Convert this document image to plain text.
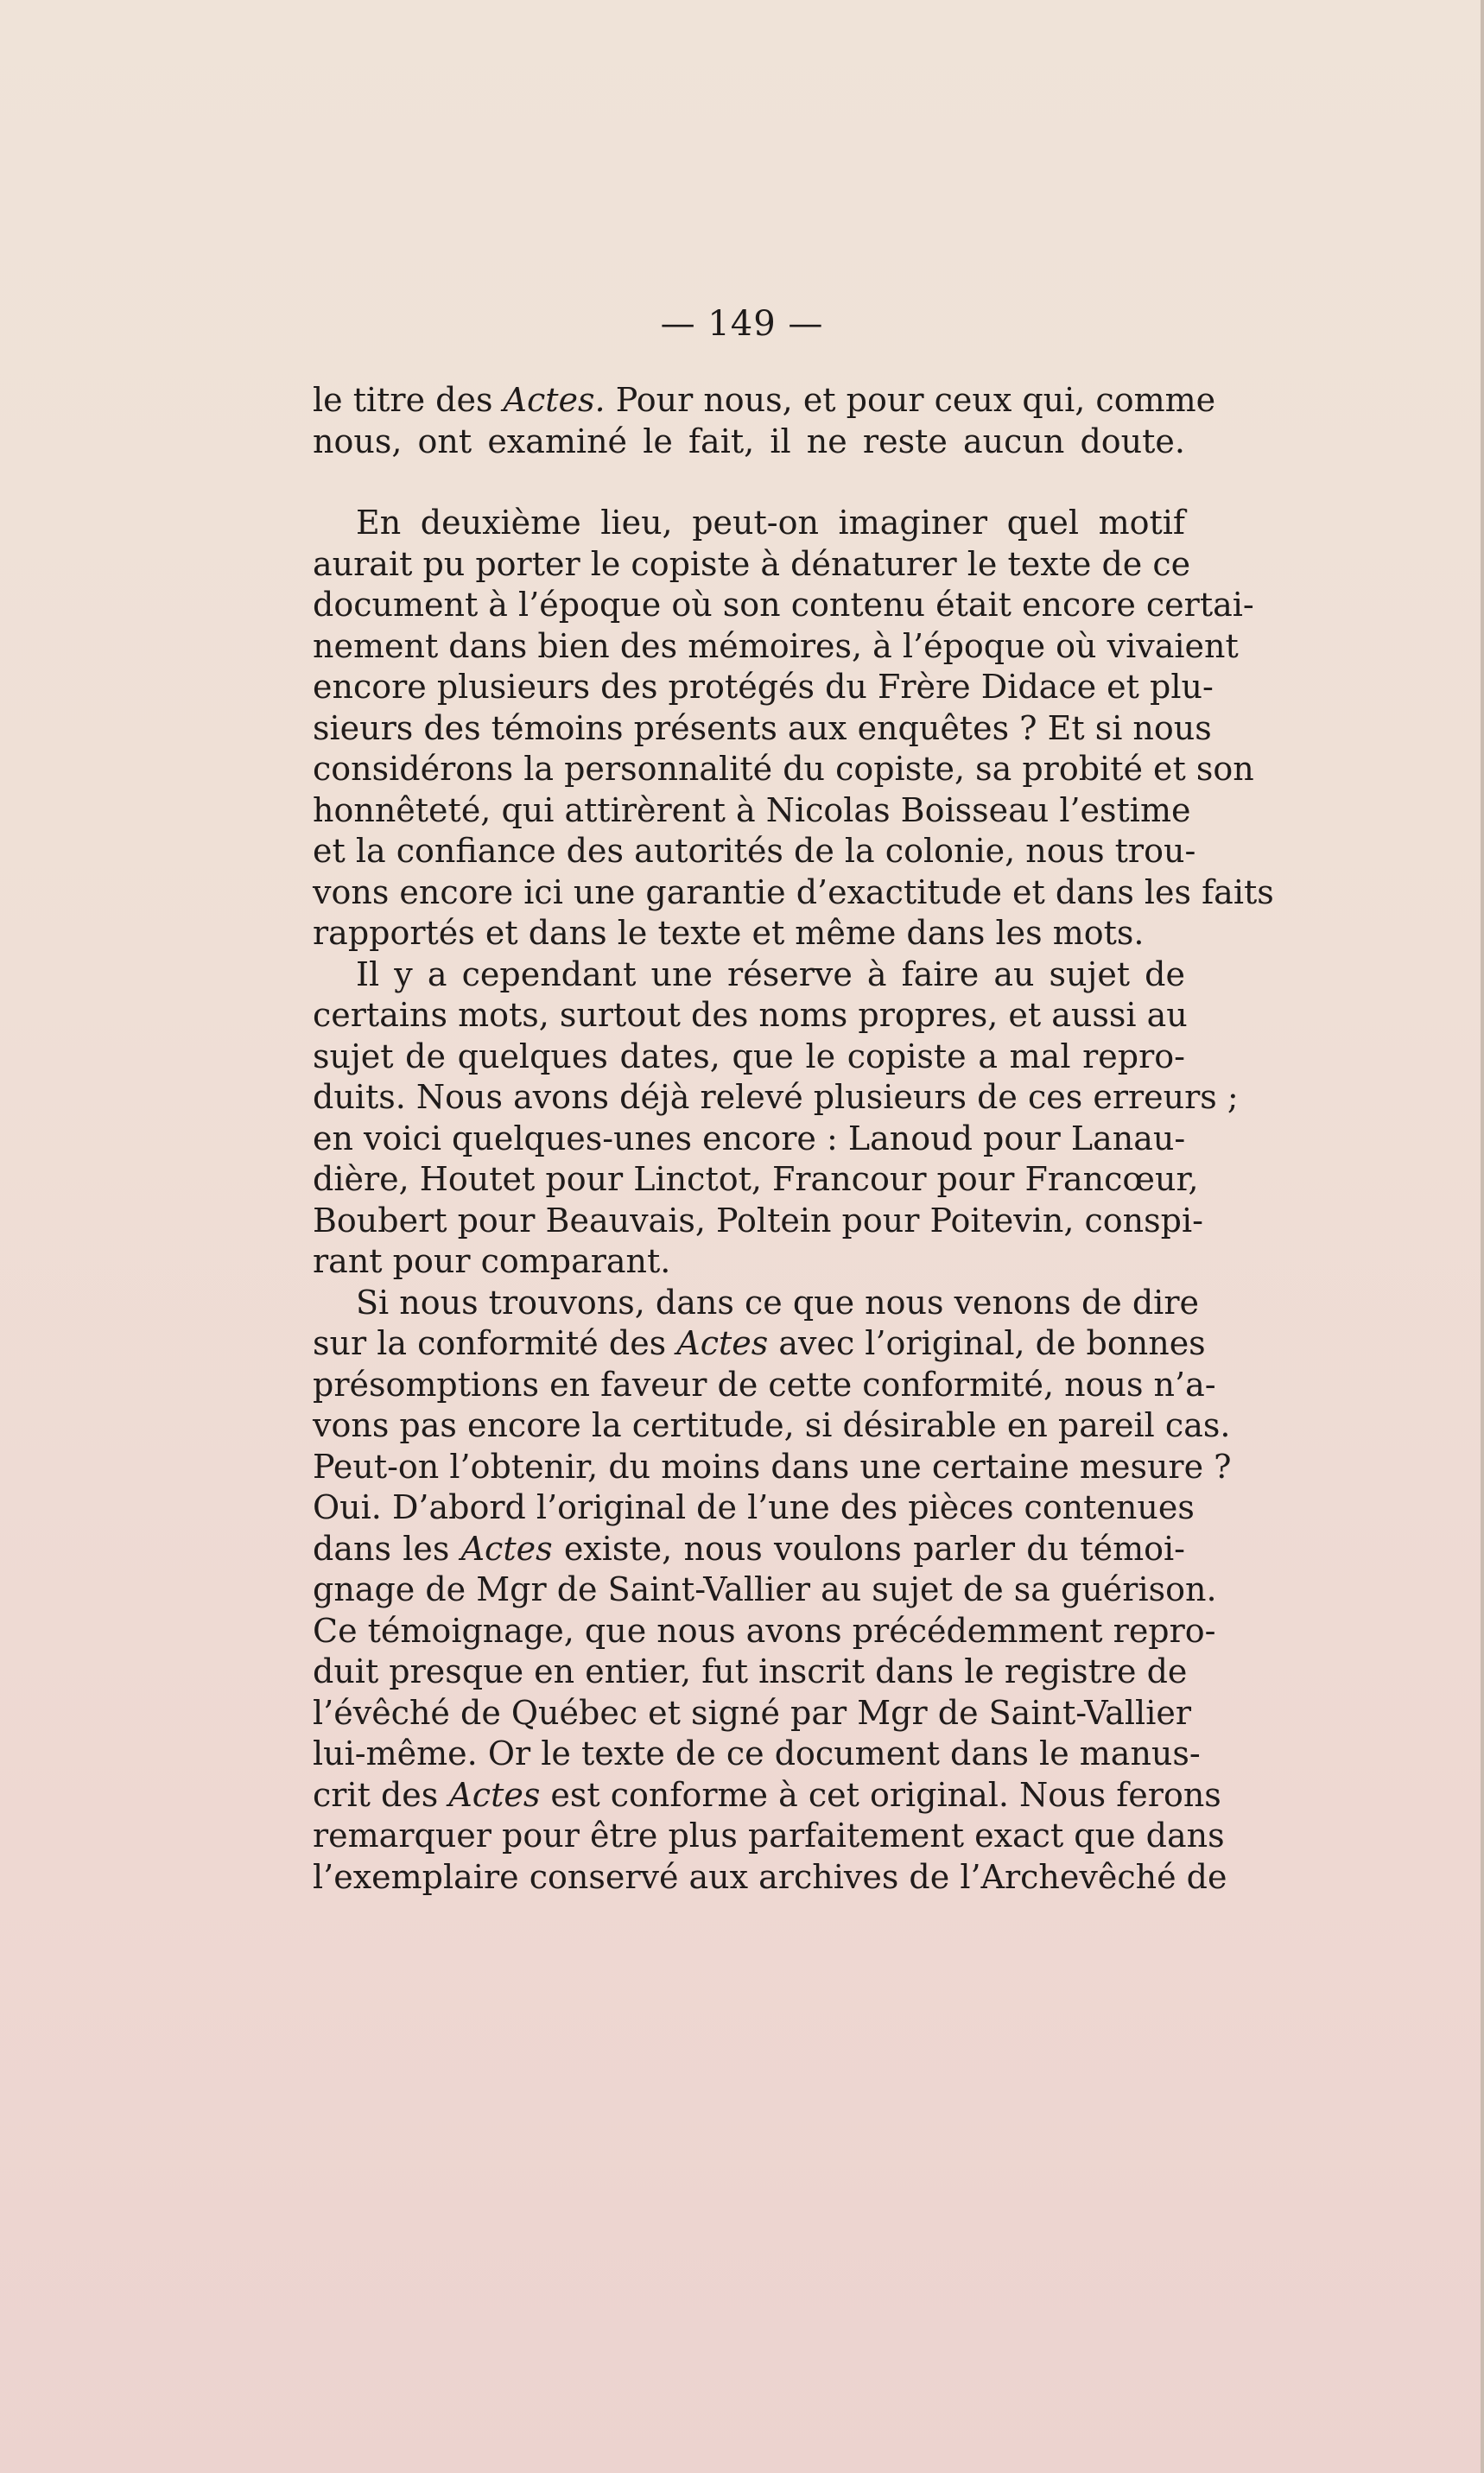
— 149 —

le titre des Actes. Pour nous, et pour ceux qui, comme
nous, ont examiné le fait, il ne reste aucun doute.

En deuxième lieu, peut-on imaginer quel motif
aurait pu porter le copiste à dénaturer le texte de ce
document à l’époque où son contenu était encore certai-
nement dans bien des mémoires, à l’époque où vivaient
encore plusieurs des protégés du Frère Didace et plu-
sieurs des témoins présents aux enquêtes ? Et si nous
considérons la personnalité du copiste, sa probité et son
honnêteté, qui attirèrent à Nicolas Boisseau l’estime
et la confiance des autorités de la colonie, nous trou-
vons encore ici une garantie d’exactitude et dans les faits
rapportés et dans le texte et même dans les mots.

Il y a cependant une réserve à faire au sujet de
certains mots, surtout des noms propres, et aussi au
sujet de quelques dates, que le copiste a mal repro-
duits. Nous avons déjà relevé plusieurs de ces erreurs ;
en voici quelques-unes encore : Lanoud pour Lanau-
dière, Houtet pour Linctot, Francour pour Francœur,
Boubert pour Beauvais, Poltein pour Poitevin, conspi-
rant pour comparant.

Si nous trouvons, dans ce que nous venons de dire
sur la conformité des Actes avec l’original, de bonnes
présomptions en faveur de cette conformité, nous n’a-
vons pas encore la certitude, si désirable en pareil cas.
Peut-on l’obtenir, du moins dans une certaine mesure ?
Oui. D’abord l’original de l’une des pièces contenues
dans les Actes existe, nous voulons parler du témoi-
gnage de Mgr de Saint-Vallier au sujet de sa guérison.
Ce témoignage, que nous avons précédemment repro-
duit presque en entier, fut inscrit dans le registre de
l’évêché de Québec et signé par Mgr de Saint-Vallier
lui-même. Or le texte de ce document dans le manus-
crit des Actes est conforme à cet original. Nous ferons
remarquer pour être plus parfaitement exact que dans
l’exemplaire conservé aux archives de l’Archevêché de
